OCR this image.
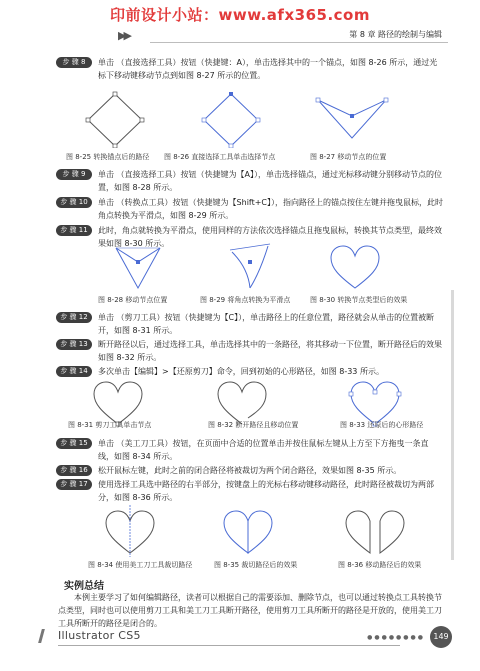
印前设计小站：www.afx365.com
▶▶	第 8 章 路径的绘制与编辑
步 骤 8	单击 （直接选择工具）按钮（快捷键：A），单击选择其中的一个锚点，如图 8-26 所示，通过光标下移动键移动节点到如图 8-27 所示的位置。
图 8-25 转换锚点后的路径 图 8-26 直接选择工具单击选择节点	图 8-27 移动节点的位置
步 骤 9	单击 （直接选择工具）按钮（快捷键为【A】），单击选择锚点，通过光标移动键分别移动节点的位置，如图 8-28 所示。
步 骤 10	单击 （转换点工具）按钮（快捷键为【Shift+C】），指向路径上的锚点按住左键并拖曳鼠标，此时角点转换为平滑点，如图 8-29 所示。
步 骤 11	此时，角点就转换为平滑点，使用同样的方法依次选择锚点且拖曳鼠标，转换其节点类型，最终效果如图 8-30 所示。
图 8-28 移动节点位置	图 8-29 将角点转换为平滑点	图 8-30 转换节点类型后的效果
步 骤 12	单击 （剪刀工具）按钮（快捷键为【C】），单击路径上的任意位置，路径就会从单击的位置被断开，如图 8-31 所示。
步 骤 13	断开路径以后，通过选择工具，单击选择其中的一条路径，将其移动一下位置，断开路径后的效果如图 8-32 所示。
步 骤 14	多次单击【编辑】>【还原剪刀】命令，回到初始的心形路径，如图 8-33 所示。
图 8-31 剪刀工具单击节点	图 8-32 断开路径且移动位置	图 8-33 还原后的心形路径
步 骤 15	单击 （美工刀工具）按钮，在页面中合适的位置单击并按住鼠标左键从上方至下方拖曳一条直线，如图 8-34 所示。
步 骤 16	松开鼠标左键，此时之前的闭合路径将被裁切为两个闭合路径，效果如图 8-35 所示。
步 骤 17	使用选择工具选中路径的右半部分，按键盘上的光标右移动键移动路径，此时路径被裁切为两部分，如图 8-36 所示。
图 8-34 使用美工刀工具裁切路径	图 8-35 裁切路径后的效果	图 8-36 移动路径后的效果
实例总结
本例主要学习了如何编辑路径，读者可以根据自己的需要添加、删除节点，也可以通过转换点工具转换节点类型，同时也可以使用剪刀工具和美工刀工具断开路径，使用剪刀工具所断开的路径是开放的，使用美工刀工具所断开的路径是闭合的。
Illustrator CS5	●●●●●●●●	149
